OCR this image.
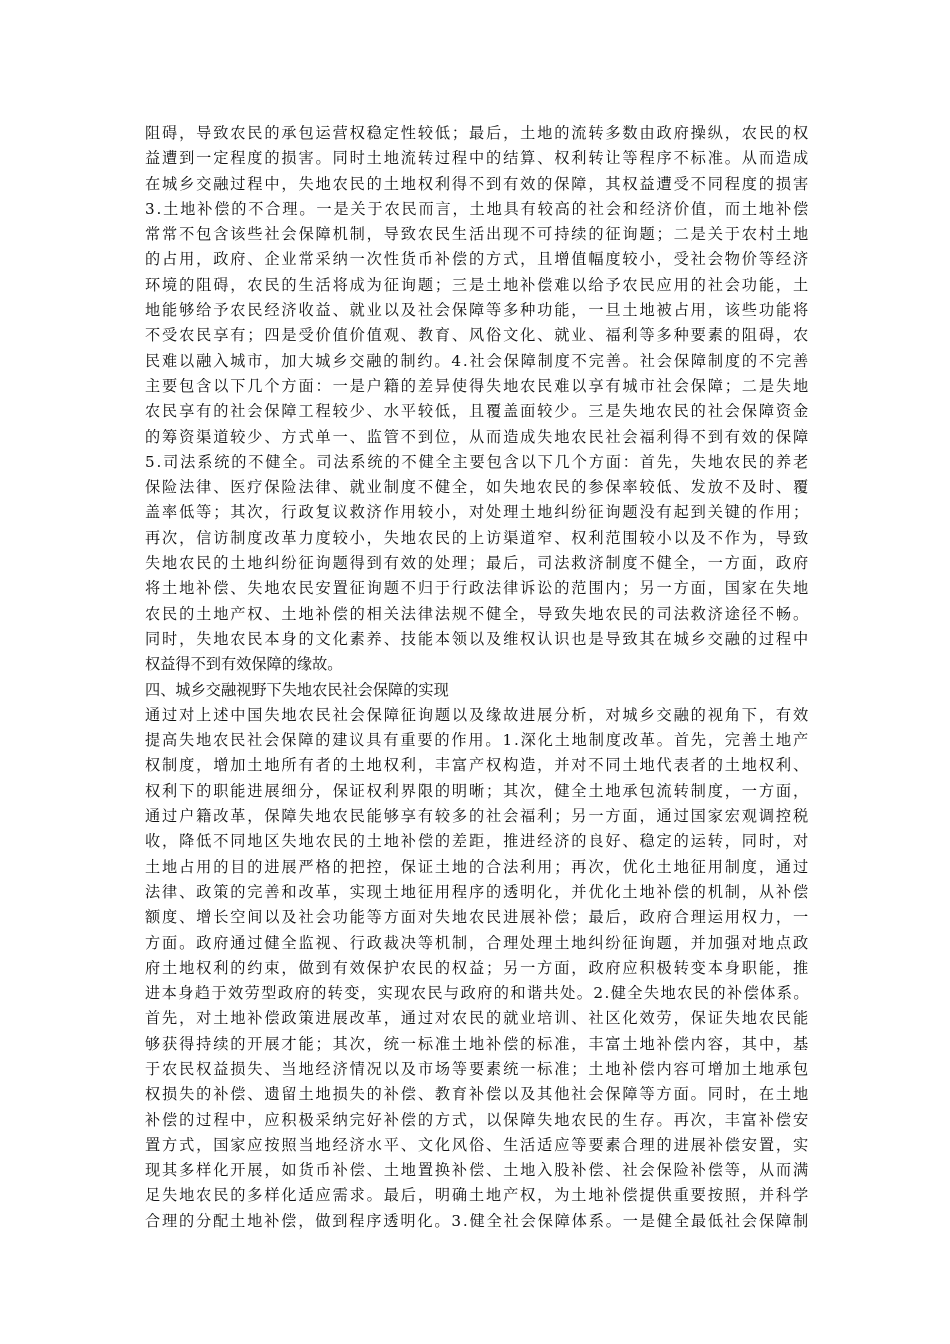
阻碍，导致农民的承包运营权稳定性较低；最后，土地的流转多数由政府操纵，农民的权
益遭到一定程度的损害。同时土地流转过程中的结算、权利转让等程序不标准。从而造成
在城乡交融过程中，失地农民的土地权利得不到有效的保障，其权益遭受不同程度的损害
3.土地补偿的不合理。一是关于农民而言，土地具有较高的社会和经济价值，而土地补偿
常常不包含该些社会保障机制，导致农民生活出现不可持续的征询题；二是关于农村土地
的占用，政府、企业常采纳一次性货币补偿的方式，且增值幅度较小，受社会物价等经济
环境的阻碍，农民的生活将成为征询题；三是土地补偿难以给予农民应用的社会功能，土
地能够给予农民经济收益、就业以及社会保障等多种功能，一旦土地被占用，该些功能将
不受农民享有；四是受价值价值观、教育、风俗文化、就业、福利等多种要素的阻碍，农
民难以融入城市，加大城乡交融的制约。4.社会保障制度不完善。社会保障制度的不完善
主要包含以下几个方面：一是户籍的差异使得失地农民难以享有城市社会保障；二是失地
农民享有的社会保障工程较少、水平较低，且覆盖面较少。三是失地农民的社会保障资金
的筹资渠道较少、方式单一、监管不到位，从而造成失地农民社会福利得不到有效的保障
5.司法系统的不健全。司法系统的不健全主要包含以下几个方面：首先，失地农民的养老
保险法律、医疗保险法律、就业制度不健全，如失地农民的参保率较低、发放不及时、覆
盖率低等；其次，行政复议救济作用较小，对处理土地纠纷征询题没有起到关键的作用；
再次，信访制度改革力度较小，失地农民的上访渠道窄、权利范围较小以及不作为，导致
失地农民的土地纠纷征询题得到有效的处理；最后，司法救济制度不健全，一方面，政府
将土地补偿、失地农民安置征询题不归于行政法律诉讼的范围内；另一方面，国家在失地
农民的土地产权、土地补偿的相关法律法规不健全，导致失地农民的司法救济途径不畅。
同时，失地农民本身的文化素养、技能本领以及维权认识也是导致其在城乡交融的过程中
权益得不到有效保障的缘故。
四、城乡交融视野下失地农民社会保障的实现
通过对上述中国失地农民社会保障征询题以及缘故进展分析，对城乡交融的视角下，有效
提高失地农民社会保障的建议具有重要的作用。1.深化土地制度改革。首先，完善土地产
权制度，增加土地所有者的土地权利，丰富产权构造，并对不同土地代表者的土地权利、
权利下的职能进展细分，保证权利界限的明晰；其次，健全土地承包流转制度，一方面，
通过户籍改革，保障失地农民能够享有较多的社会福利；另一方面，通过国家宏观调控税
收，降低不同地区失地农民的土地补偿的差距，推进经济的良好、稳定的运转，同时，对
土地占用的目的进展严格的把控，保证土地的合法利用；再次，优化土地征用制度，通过
法律、政策的完善和改革，实现土地征用程序的透明化，并优化土地补偿的机制，从补偿
额度、增长空间以及社会功能等方面对失地农民进展补偿；最后，政府合理运用权力，一
方面。政府通过健全监视、行政裁决等机制，合理处理土地纠纷征询题，并加强对地点政
府土地权利的约束，做到有效保护农民的权益；另一方面，政府应积极转变本身职能，推
进本身趋于效劳型政府的转变，实现农民与政府的和谐共处。2.健全失地农民的补偿体系。
首先，对土地补偿政策进展改革，通过对农民的就业培训、社区化效劳，保证失地农民能
够获得持续的开展才能；其次，统一标准土地补偿的标准，丰富土地补偿内容，其中，基
于农民权益损失、当地经济情况以及市场等要素统一标准；土地补偿内容可增加土地承包
权损失的补偿、遗留土地损失的补偿、教育补偿以及其他社会保障等方面。同时，在土地
补偿的过程中，应积极采纳完好补偿的方式，以保障失地农民的生存。再次，丰富补偿安
置方式，国家应按照当地经济水平、文化风俗、生活适应等要素合理的进展补偿安置，实
现其多样化开展，如货币补偿、土地置换补偿、土地入股补偿、社会保险补偿等，从而满
足失地农民的多样化适应需求。最后，明确土地产权，为土地补偿提供重要按照，并科学
合理的分配土地补偿，做到程序透明化。3.健全社会保障体系。一是健全最低社会保障制
